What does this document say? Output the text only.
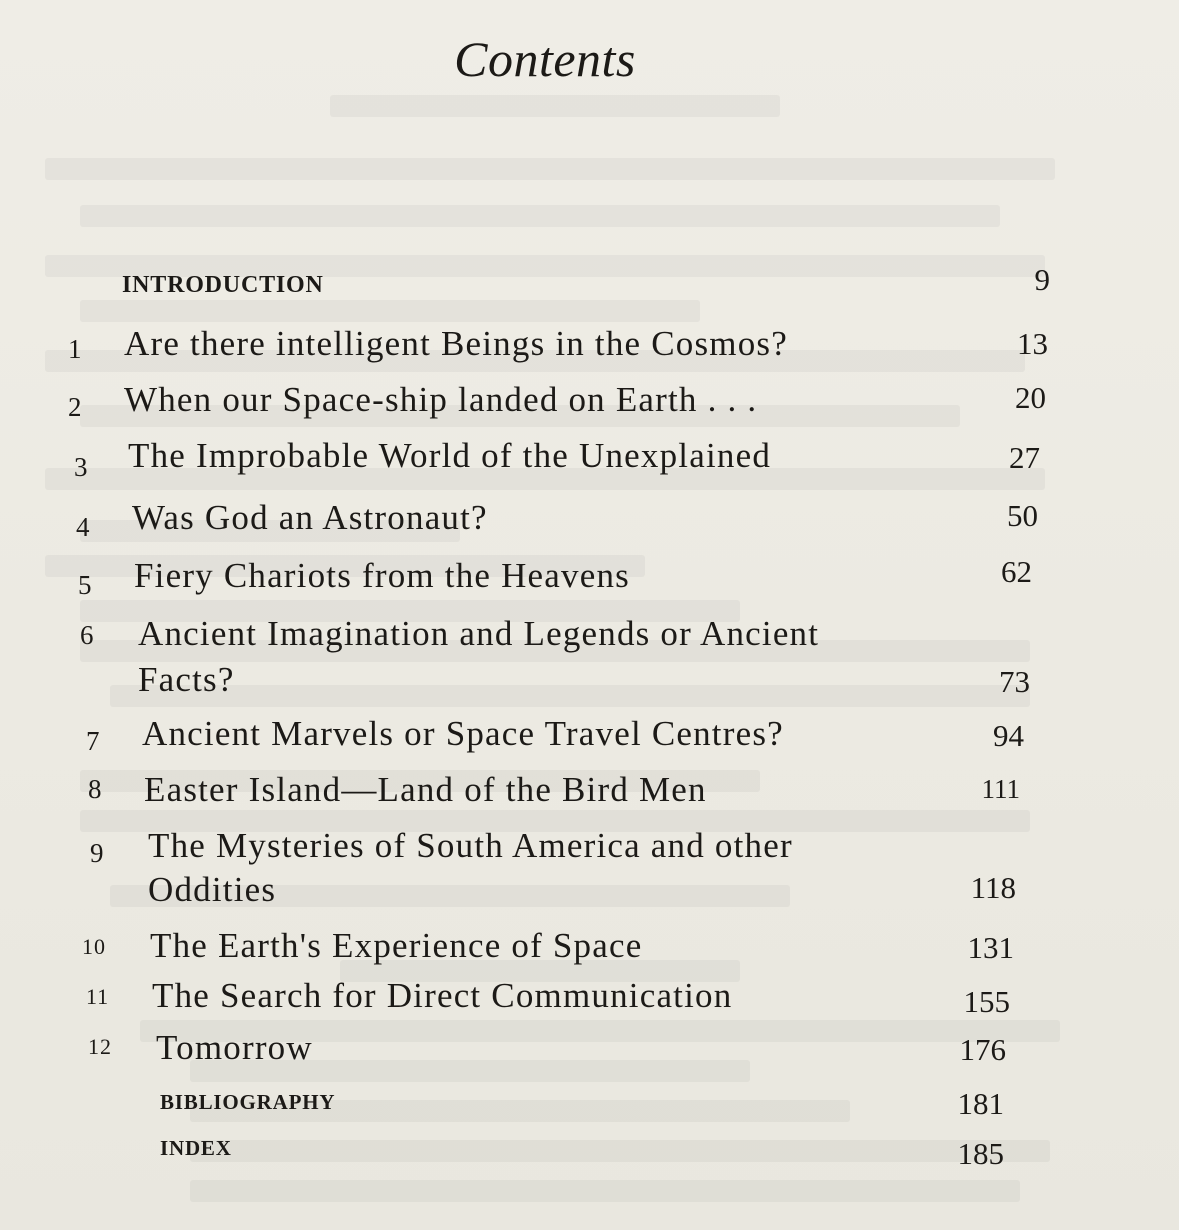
Contents
INTRODUCTION	9
1 Are there intelligent Beings in the Cosmos?	13
2 When our Space-ship landed on Earth . . .	20
3 The Improbable World of the Unexplained	27
4 Was God an Astronaut?	50
5 Fiery Chariots from the Heavens	62
6 Ancient Imagination and Legends or Ancient
Facts?	73
7 Ancient Marvels or Space Travel Centres?	94
8 Easter Island—Land of the Bird Men	111
9 The Mysteries of South America and other
Oddities	118
10 The Earth's Experience of Space	131
11 The Search for Direct Communication	155
12 Tomorrow	176
BIBLIOGRAPHY	181
INDEX	185
